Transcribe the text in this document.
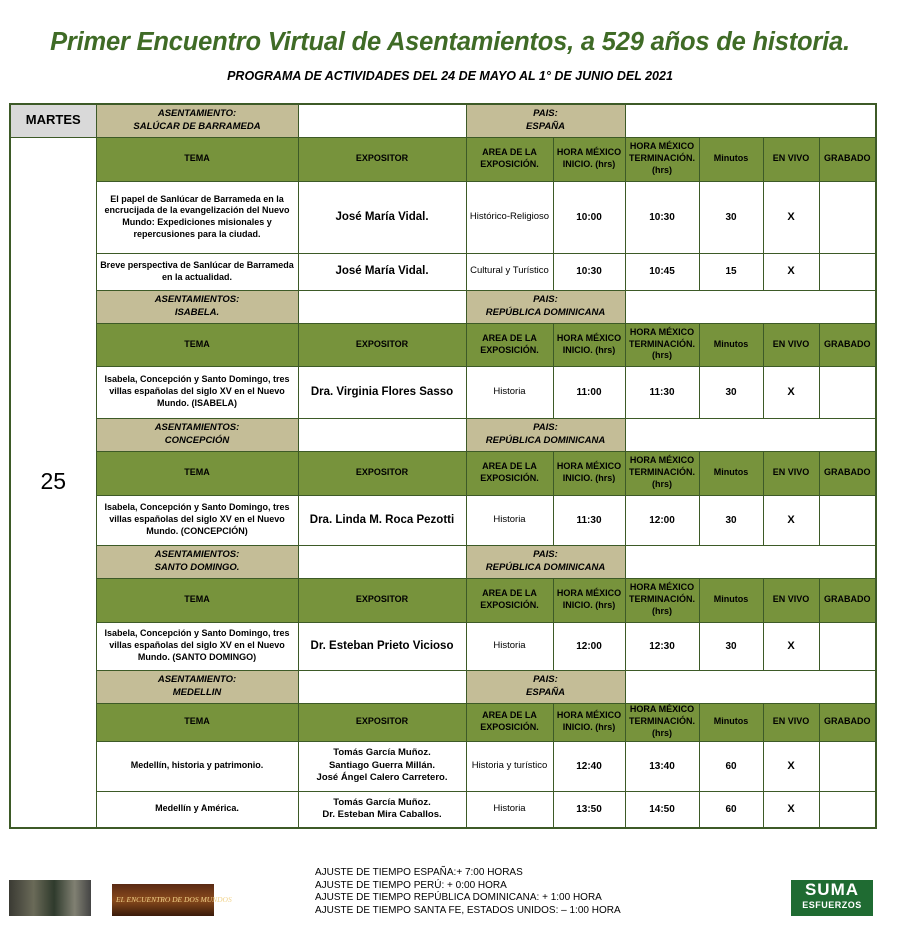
Primer Encuentro Virtual de Asentamientos, a 529 años de historia.
PROGRAMA DE ACTIVIDADES DEL 24 DE MAYO AL 1° DE JUNIO DEL 2021
MARTES	ASENTAMIENTO:
SALÚCAR DE BARRAMEDA		PAIS:
ESPAÑA					
25	TEMA	EXPOSITOR	AREA DE LA EXPOSICIÓN.	HORA MÉXICO INICIO. (hrs)	HORA MÉXICO TERMINACIÓN. (hrs)	Minutos	EN VIVO	GRABADO
	El papel de Sanlúcar de Barrameda en la encrucijada de la evangelización del Nuevo Mundo: Expediciones misionales y repercusiones para la ciudad.	José María Vidal.	Histórico-Religioso	10:00	10:30	30	X	
	Breve perspectiva de Sanlúcar de Barrameda en la actualidad.	José María Vidal.	Cultural y Turístico	10:30	10:45	15	X	
	ASENTAMIENTOS:
ISABELA.		PAIS:
REPÚBLICA DOMINICANA					
	TEMA	EXPOSITOR	AREA DE LA EXPOSICIÓN.	HORA MÉXICO INICIO. (hrs)	HORA MÉXICO TERMINACIÓN. (hrs)	Minutos	EN VIVO	GRABADO
	Isabela, Concepción y Santo Domingo, tres villas españolas del siglo XV en el Nuevo Mundo. (ISABELA)	Dra. Virginia Flores Sasso	Historia	11:00	11:30	30	X	
	ASENTAMIENTOS:
CONCEPCIÓN		PAIS:
REPÚBLICA DOMINICANA					
	TEMA	EXPOSITOR	AREA DE LA EXPOSICIÓN.	HORA MÉXICO INICIO. (hrs)	HORA MÉXICO TERMINACIÓN. (hrs)	Minutos	EN VIVO	GRABADO
	Isabela, Concepción y Santo Domingo, tres villas españolas del siglo XV en el Nuevo Mundo. (CONCEPCIÓN)	Dra. Linda M. Roca Pezotti	Historia	11:30	12:00	30	X	
	ASENTAMIENTOS:
SANTO DOMINGO.		PAIS:
REPÚBLICA DOMINICANA					
	TEMA	EXPOSITOR	AREA DE LA EXPOSICIÓN.	HORA MÉXICO INICIO. (hrs)	HORA MÉXICO TERMINACIÓN. (hrs)	Minutos	EN VIVO	GRABADO
	Isabela, Concepción y Santo Domingo, tres villas españolas del siglo XV en el Nuevo Mundo. (SANTO DOMINGO)	Dr. Esteban Prieto Vicioso	Historia	12:00	12:30	30	X	
	ASENTAMIENTO:
MEDELLIN		PAIS:
ESPAÑA					
	TEMA	EXPOSITOR	AREA DE LA EXPOSICIÓN.	HORA MÉXICO INICIO. (hrs)	HORA MÉXICO TERMINACIÓN. (hrs)	Minutos	EN VIVO	GRABADO
	Medellín, historia y patrimonio.	Tomás García Muñoz.
Santiago Guerra Millán.
José Ángel Calero Carretero.	Historia y turístico	12:40	13:40	60	X	
	Medellín y América.	Tomás García Muñoz.
Dr. Esteban Mira Caballos.	Historia	13:50	14:50	60	X	
EL ENCUENTRO DE DOS MUNDOS
AJUSTE DE TIEMPO ESPAÑA:+ 7:00 HORAS
AJUSTE DE TIEMPO PERÚ: + 0:00 HORA
AJUSTE DE TIEMPO REPÚBLICA DOMINICANA: + 1:00 HORA
AJUSTE DE TIEMPO SANTA FE, ESTADOS UNIDOS: – 1:00 HORA
SUMA
ESFUERZOS
